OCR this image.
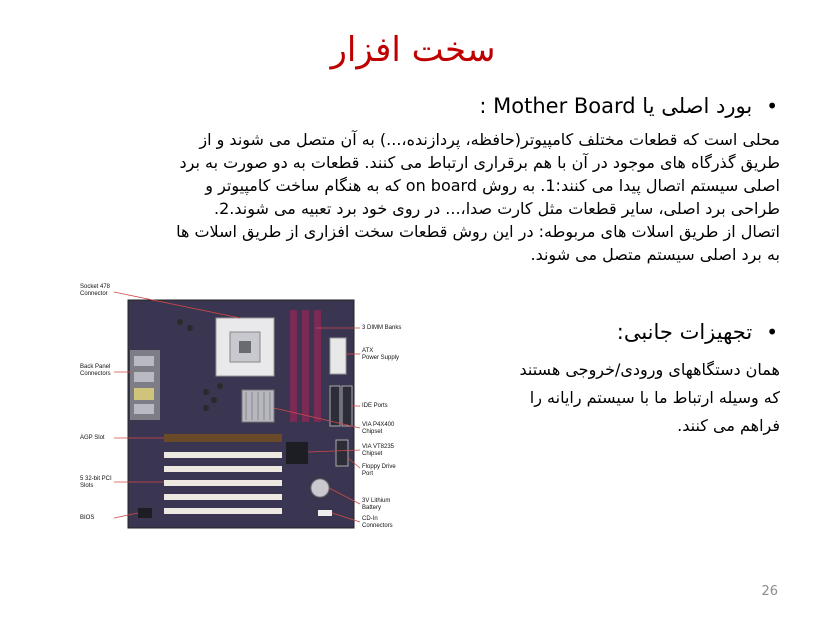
سخت افزار
•
بورد اصلی یا Mother Board :

محلی است که قطعات مختلف کامپیوتر(حافظه، پردازنده،...) به آن متصل می شوند و از

طریق گذرگاه های موجود در آن با هم برقراری ارتباط می کنند. قطعات به دو صورت به برد

اصلی سیستم اتصال پیدا می کنند:1. به روش on board که به هنگام ساخت کامپیوتر و

طراحی برد اصلی، سایر قطعات مثل کارت صدا،... در روی خود برد تعبیه می شوند.2.

اتصال از طریق اسلات های مربوطه: در این روش قطعات سخت افزاری از طریق اسلات ها

به برد اصلی سیستم متصل می شوند.

•
تجهیزات جانبی:

همان دستگاههای ورودی/خروجی هستند

که وسیله ارتباط ما با سیستم رایانه را

فراهم می کنند.

Socket 478
Connector
Back Panel
Connectors
AGP Slot
5 32-bit PCI
Slots
BIOS
3 DIMM Banks
ATX
Power Supply
IDE Ports
VIA P4X400
Chipset
VIA VT8235
Chipset
Floppy Drive
Port
3V Lithium
Battery
CD-In
Connectors
26
